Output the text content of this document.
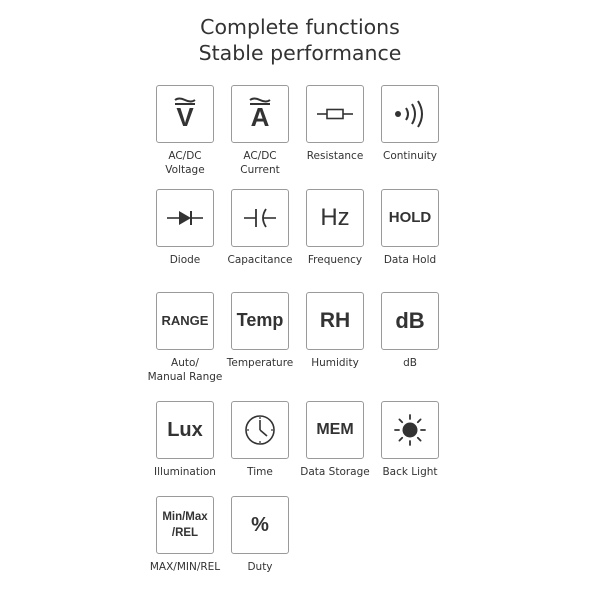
Complete functions
Stable performance
V
AC/DC
Voltage
A
AC/DC
Current
Resistance	Continuity
Diode	Capacitance
Hz
Frequency
HOLD
Data Hold
RANGE
Auto/
Manual Range
Temp
Temperature
RH
Humidity
dB
dB
Lux
Illumination	Time
MEM
Data Storage	Back Light
Min/Max
/REL
MAX/MIN/REL
%
Duty
